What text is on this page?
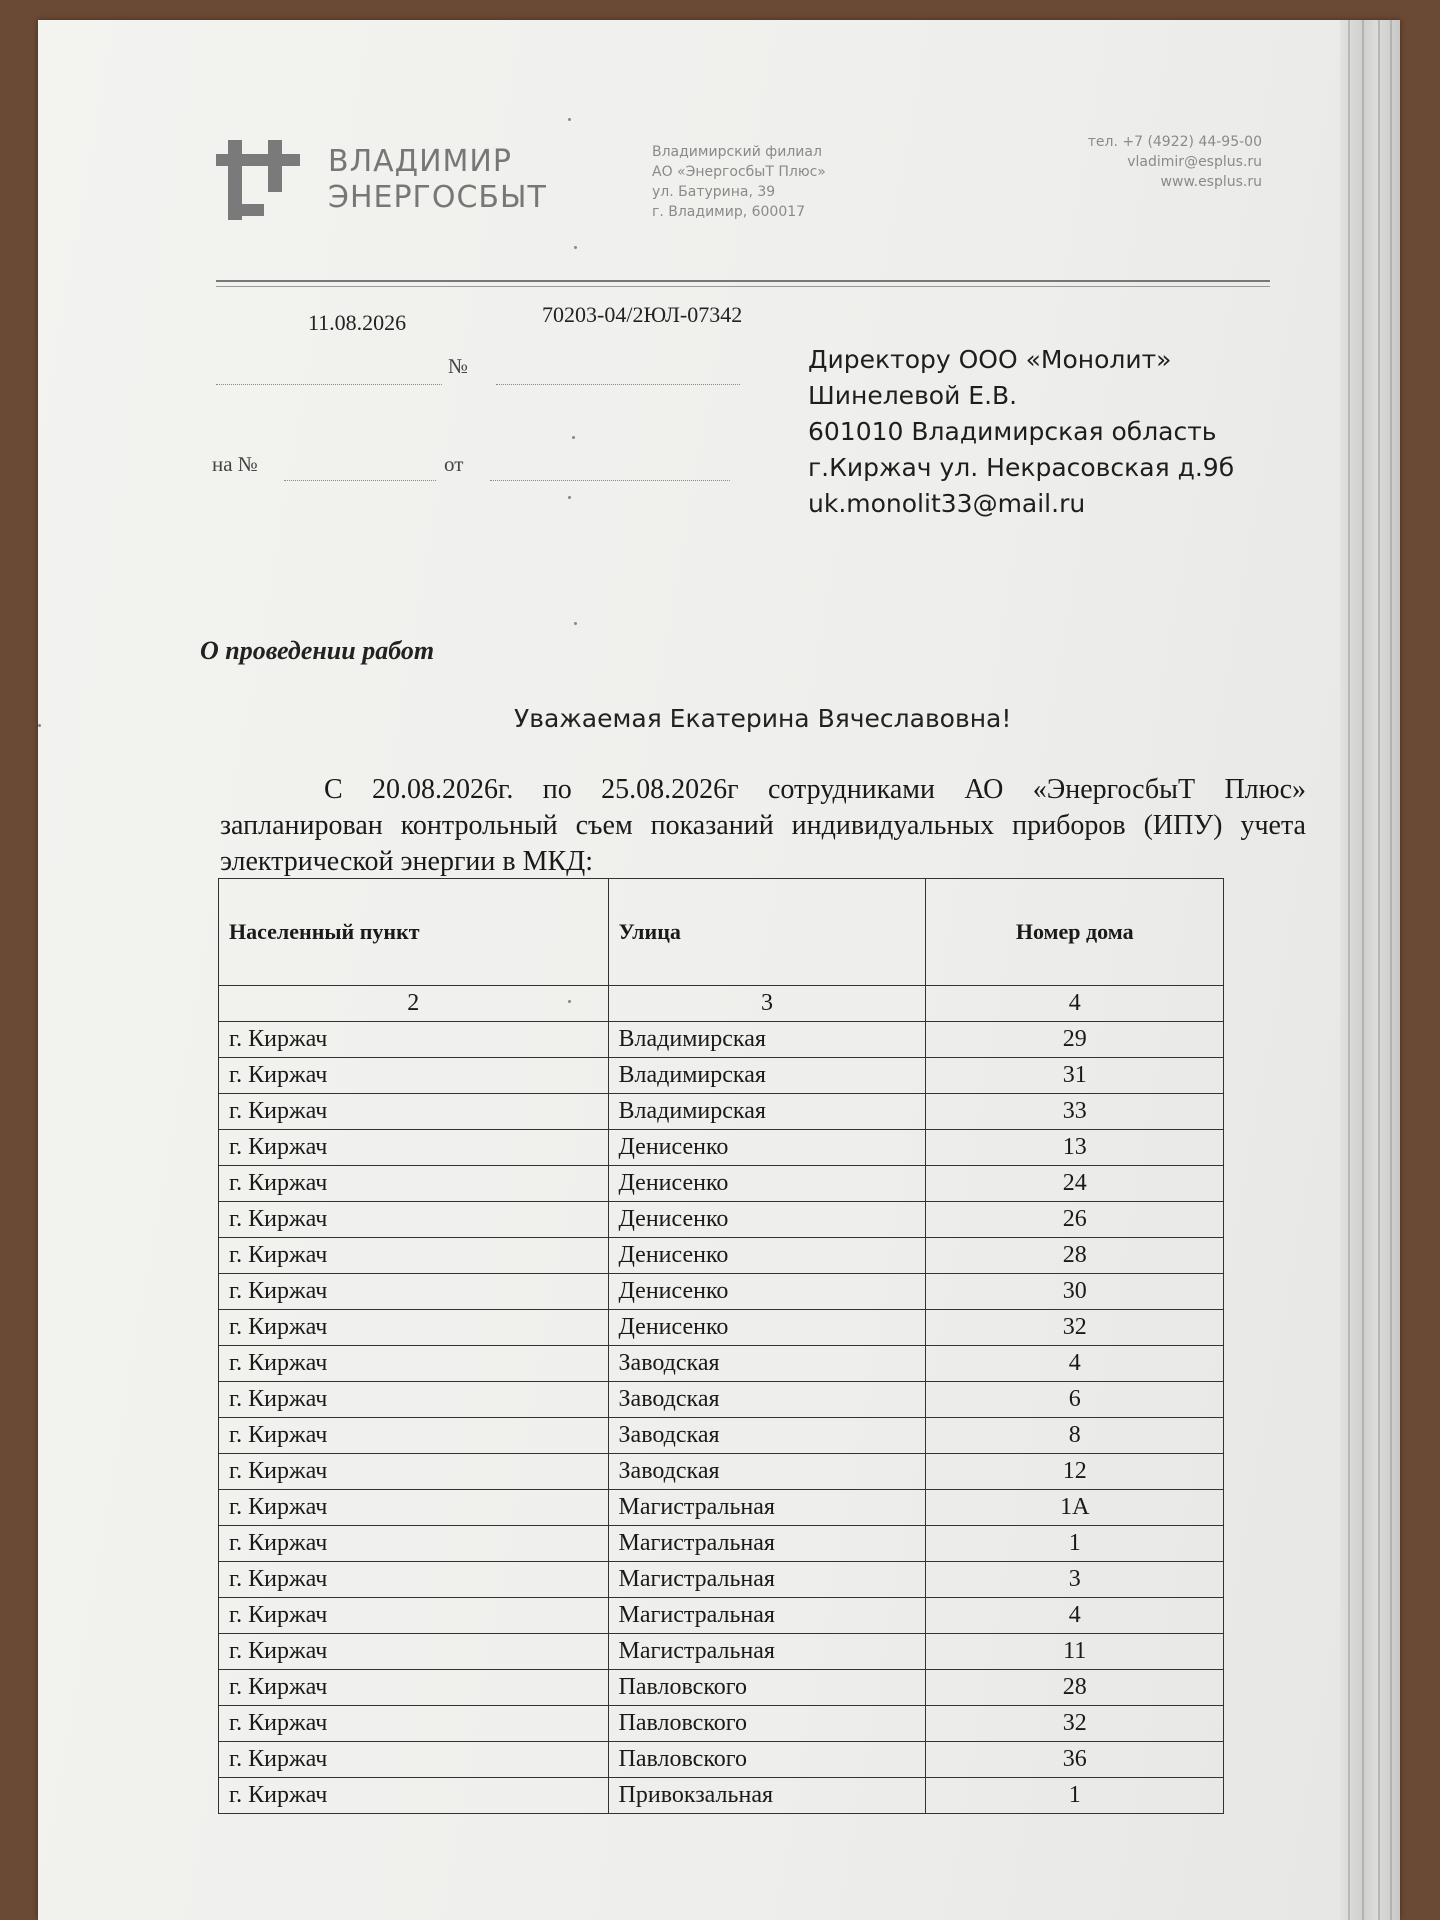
ВЛАДИМИР
ЭНЕРГОСБЫТ
Владимирский филиал
АО «ЭнергосбыТ Плюс»
ул. Батурина, 39
г. Владимир, 600017
тел. +7 (4922) 44-95-00
vladimir@esplus.ru
www.esplus.ru
11.08.2026	70203-04/2ЮЛ-07342
№
на №	от
Директору ООО «Монолит»
Шинелевой Е.В.
601010 Владимирская область
г.Киржач ул. Некрасовская д.9б
uk.monolit33@mail.ru
О проведении работ
Уважаемая Екатерина Вячеславовна!
С 20.08.2026г. по 25.08.2026г сотрудниками АО «ЭнергосбыТ Плюс» запланирован контрольный съем показаний индивидуальных приборов (ИПУ) учета электрической энергии в МКД:
Населенный пункт	Улица	Номер дома
2	3	4
г. Киржач	Владимирская	29
г. Киржач	Владимирская	31
г. Киржач	Владимирская	33
г. Киржач	Денисенко	13
г. Киржач	Денисенко	24
г. Киржач	Денисенко	26
г. Киржач	Денисенко	28
г. Киржач	Денисенко	30
г. Киржач	Денисенко	32
г. Киржач	Заводская	4
г. Киржач	Заводская	6
г. Киржач	Заводская	8
г. Киржач	Заводская	12
г. Киржач	Магистральная	1А
г. Киржач	Магистральная	1
г. Киржач	Магистральная	3
г. Киржач	Магистральная	4
г. Киржач	Магистральная	11
г. Киржач	Павловского	28
г. Киржач	Павловского	32
г. Киржач	Павловского	36
г. Киржач	Привокзальная	1
